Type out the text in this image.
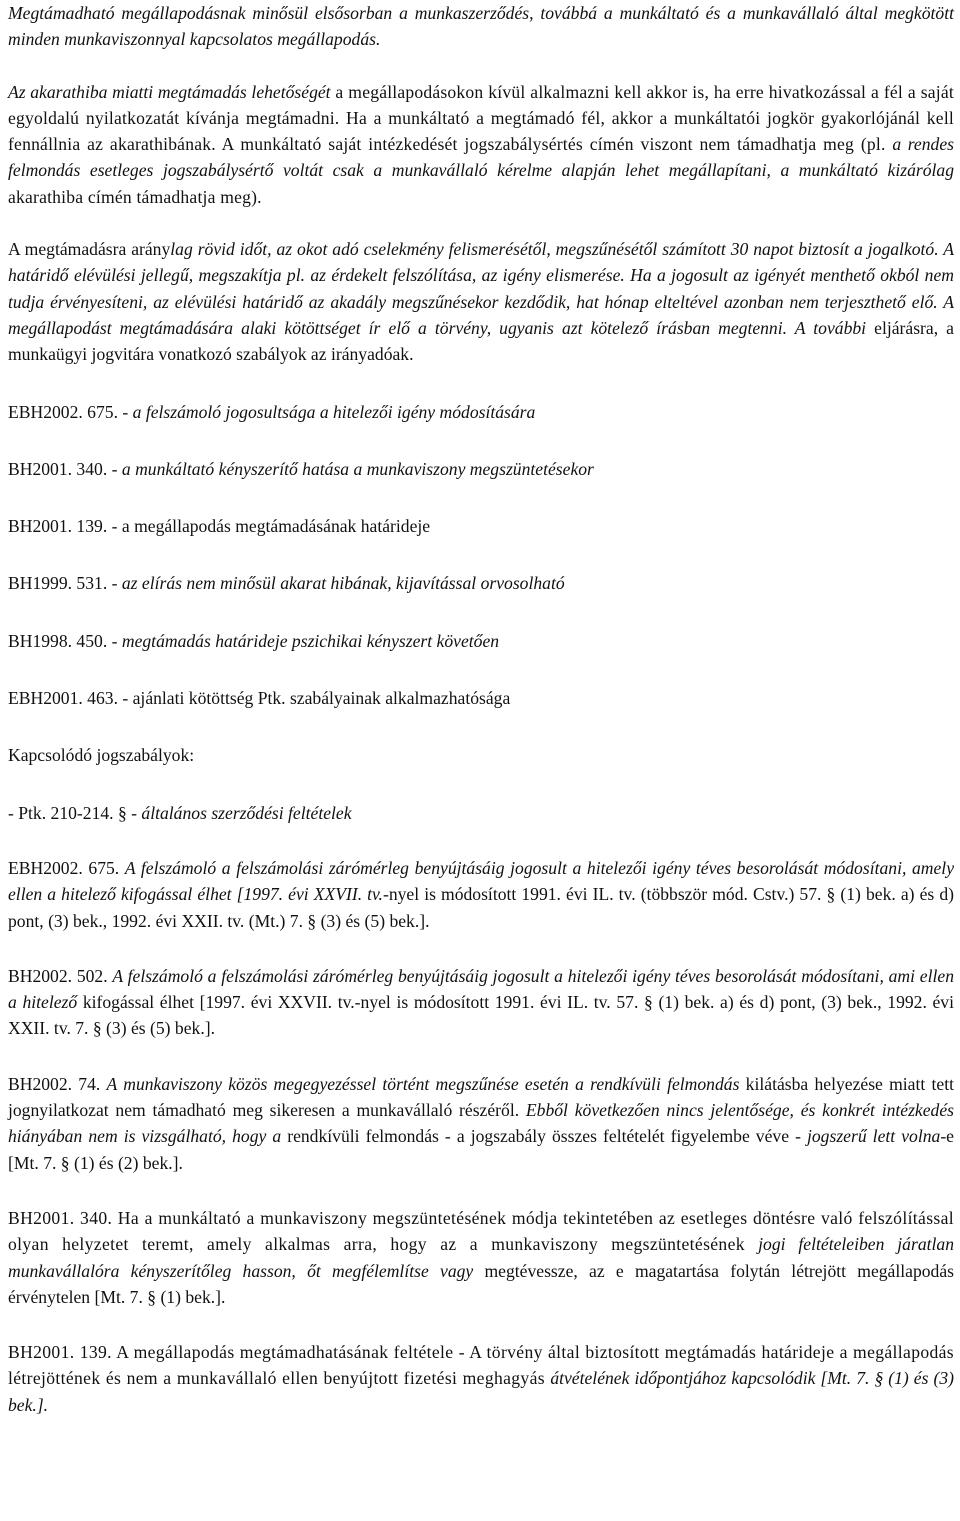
Megtámadható megállapodásnak minősül elsősorban a munkaszerződés, továbbá a munkáltató és a munkavállaló által megkötött minden munkaviszonnyal kapcsolatos megállapodás.

Az akarathiba miatti megtámadás lehetőségét a megállapodásokon kívül alkalmazni kell akkor is, ha erre hivatkozással a fél a saját egyoldalú nyilatkozatát kívánja megtámadni. Ha a munkáltató a megtámadó fél, akkor a munkáltatói jogkör gyakorlójánál kell fennállnia az akarathibának. A munkáltató saját intézkedését jogszabálysértés címén viszont nem támadhatja meg (pl. a rendes felmondás esetleges jogszabálysértő voltát csak a munkavállaló kérelme alapján lehet megállapítani, a munkáltató kizárólag akarathiba címén támadhatja meg).

A megtámadásra aránylag rövid időt, az okot adó cselekmény felismerésétől, megszűnésétől számított 30 napot biztosít a jogalkotó. A határidő elévülési jellegű, megszakítja pl. az érdekelt felszólítása, az igény elismerése. Ha a jogosult az igényét menthető okból nem tudja érvényesíteni, az elévülési határidő az akadály megszűnésekor kezdődik, hat hónap elteltével azonban nem terjeszthető elő. A megállapodást megtámadására alaki kötöttséget ír elő a törvény, ugyanis azt kötelező írásban megtenni. A további eljárásra, a munkaügyi jogvitára vonatkozó szabályok az irányadóak.

EBH2002. 675. - a felszámoló jogosultsága a hitelezői igény módosítására

BH2001. 340. - a munkáltató kényszerítő hatása a munkaviszony megszüntetésekor

BH2001. 139. - a megállapodás megtámadásának határideje

BH1999. 531. - az elírás nem minősül akarat hibának, kijavítással orvosolható

BH1998. 450. - megtámadás határideje pszichikai kényszert követően

EBH2001. 463. - ajánlati kötöttség Ptk. szabályainak alkalmazhatósága

Kapcsolódó jogszabályok:

- Ptk. 210-214. § - általános szerződési feltételek

EBH2002. 675. A felszámoló a felszámolási zárómérleg benyújtásáig jogosult a hitelezői igény téves besorolását módosítani, amely ellen a hitelező kifogással élhet [1997. évi XXVII. tv.-nyel is módosított 1991. évi IL. tv. (többször mód. Cstv.) 57. § (1) bek. a) és d) pont, (3) bek., 1992. évi XXII. tv. (Mt.) 7. § (3) és (5) bek.].

BH2002. 502. A felszámoló a felszámolási zárómérleg benyújtásáig jogosult a hitelezői igény téves besorolását módosítani, ami ellen a hitelező kifogással élhet [1997. évi XXVII. tv.-nyel is módosított 1991. évi IL. tv. 57. § (1) bek. a) és d) pont, (3) bek., 1992. évi XXII. tv. 7. § (3) és (5) bek.].

BH2002. 74. A munkaviszony közös megegyezéssel történt megszűnése esetén a rendkívüli felmondás kilátásba helyezése miatt tett jognyilatkozat nem támadható meg sikeresen a munkavállaló részéről. Ebből következően nincs jelentősége, és konkrét intézkedés hiányában nem is vizsgálható, hogy a rendkívüli felmondás - a jogszabály összes feltételét figyelembe véve - jogszerű lett volna-e [Mt. 7. § (1) és (2) bek.].

BH2001. 340. Ha a munkáltató a munkaviszony megszüntetésének módja tekintetében az esetleges döntésre való felszólítással olyan helyzetet teremt, amely alkalmas arra, hogy az a munkaviszony megszüntetésének jogi feltételeiben járatlan munkavállalóra kényszerítőleg hasson, őt megfélemlítse vagy megtévessze, az e magatartása folytán létrejött megállapodás érvénytelen [Mt. 7. § (1) bek.].

BH2001. 139. A megállapodás megtámadhatásának feltétele - A törvény által biztosított megtámadás határideje a megállapodás létrejöttének és nem a munkavállaló ellen benyújtott fizetési meghagyás átvételének időpontjához kapcsolódik [Mt. 7. § (1) és (3) bek.].
